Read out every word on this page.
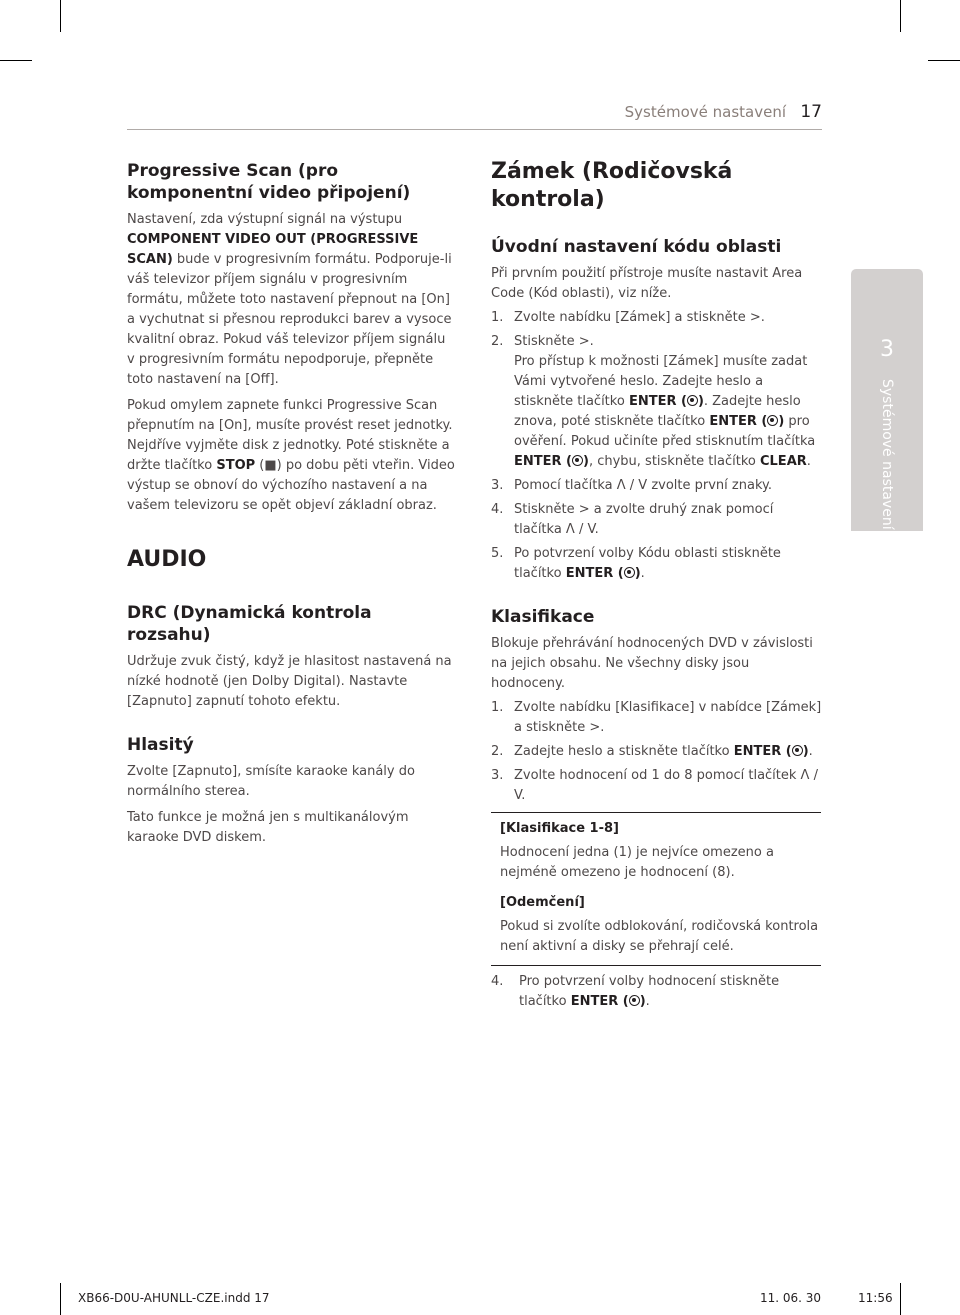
Systémové nastavení 17
Progressive Scan (pro komponentní video připojení)

Nastavení, zda výstupní signál na výstupu COMPONENT VIDEO OUT (PROGRESSIVE SCAN) bude v progresivním formátu. Podporuje-li váš televizor příjem signálu v progresivním formátu, můžete toto nastavení přepnout na [On] a vychutnat si přesnou reprodukci barev a vysoce kvalitní obraz. Pokud váš televizor příjem signálu v progresivním formátu nepodporuje, přepněte toto nastavení na [Off].

Pokud omylem zapnete funkci Progressive Scan přepnutím na [On], musíte provést reset jednotky. Nejdříve vyjměte disk z jednotky. Poté stiskněte a držte tlačítko STOP (■) po dobu pěti vteřin. Video výstup se obnoví do výchozího nastavení a na vašem televizoru se opět objeví základní obraz.

AUDIO
DRC (Dynamická kontrola rozsahu)

Udržuje zvuk čistý, když je hlasitost nastavená na nízké hodnotě (jen Dolby Digital). Nastavte [Zapnuto] zapnutí tohoto efektu.

Hlasitý

Zvolte [Zapnuto], smísíte karaoke kanály do normálního sterea.

Tato funkce je možná jen s multikanálovým karaoke DVD diskem.

Zámek (Rodičovská kontrola)
Úvodní nastavení kódu oblasti

Při prvním použití přístroje musíte nastavit Area Code (Kód oblasti), viz níže.

1. Zvolte nabídku [Zámek] a stiskněte >.
2. Stiskněte >.
Pro přístup k možnosti [Zámek] musíte zadat Vámi vytvořené heslo. Zadejte heslo a stiskněte tlačítko ENTER ( ). Zadejte heslo znova, poté stiskněte tlačítko ENTER ( ) pro ověření. Pokud učiníte před stisknutím tlačítka ENTER ( ), chybu, stiskněte tlačítko CLEAR.
3. Pomocí tlačítka Λ / V zvolte první znaky.
4. Stiskněte > a zvolte druhý znak pomocí tlačítka Λ / V.
5. Po potvrzení volby Kódu oblasti stiskněte tlačítko ENTER ( ).
Klasifikace

Blokuje přehrávání hodnocených DVD v závislosti na jejich obsahu. Ne všechny disky jsou hodnoceny.

1. Zvolte nabídku [Klasifikace] v nabídce [Zámek] a stiskněte >.
2. Zadejte heslo a stiskněte tlačítko ENTER ( ).
3. Zvolte hodnocení od 1 do 8 pomocí tlačítek Λ / V.

[Klasifikace 1-8]

Hodnocení jedna (1) je nejvíce omezeno a nejméně omezeno je hodnocení (8).

[Odemčení]

Pokud si zvolíte odblokování, rodičovská kontrola není aktivní a disky se přehrají celé.

4. Pro potvrzení volby hodnocení stiskněte tlačítko ENTER ( ).
3
Systémové nastavení
XB66-D0U-AHUNLL-CZE.indd 17	11. 06. 30	11:56
